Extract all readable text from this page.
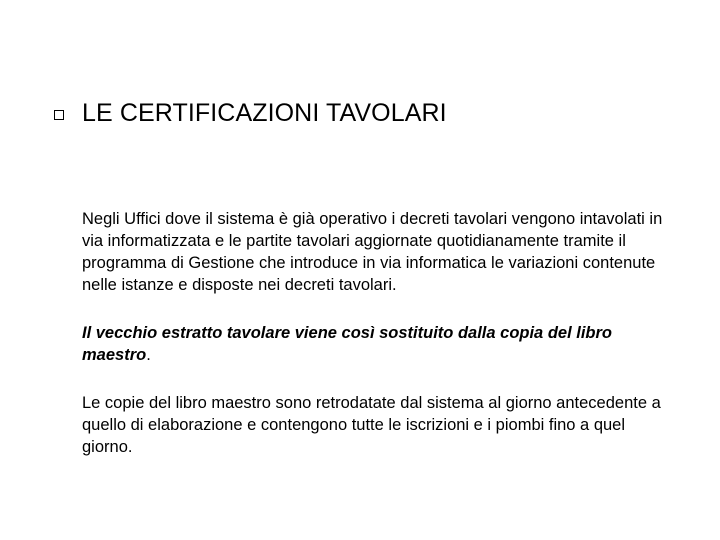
LE CERTIFICAZIONI TAVOLARI

Negli Uffici dove il sistema è già operativo i decreti tavolari vengono intavolati in via informatizzata e le partite tavolari aggiornate quotidianamente tramite il programma di Gestione che introduce in via informatica le variazioni contenute nelle istanze e disposte nei decreti tavolari.

Il vecchio estratto tavolare viene così sostituito dalla copia del libro maestro.

Le copie del libro maestro sono retrodatate dal sistema al giorno antecedente a quello di elaborazione e contengono tutte le iscrizioni e i piombi fino a quel giorno.
